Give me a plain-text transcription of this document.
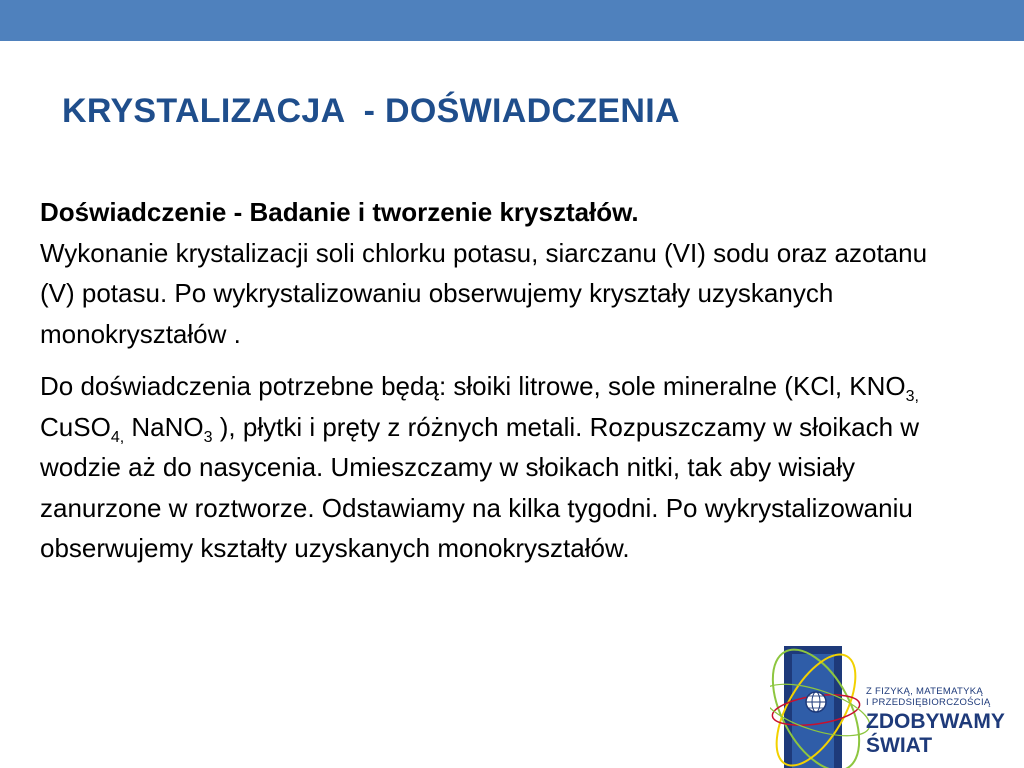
KRYSTALIZACJA  - DOŚWIADCZENIA

Doświadczenie - Badanie i tworzenie kryształów.
Wykonanie krystalizacji soli chlorku potasu, siarczanu (VI) sodu oraz azotanu (V) potasu. Po wykrystalizowaniu obserwujemy kryształy uzyskanych monokryształów .

Do doświadczenia potrzebne będą: słoiki litrowe, sole mineralne (KCl, $KNO_{3,}$ CuSO$_{4,}$ NaNO$_3$ ), płytki i pręty z różnych metali. Rozpuszczamy w słoikach w wodzie aż do nasycenia. Umieszczamy w słoikach nitki, tak aby wisiały zanurzone w roztworze. Odstawiamy na kilka tygodni. Po wykrystalizowaniu obserwujemy kształty uzyskanych monokryształów.

Z FIZYKĄ, MATEMATYKĄ
I PRZEDSIĘBIORCZOŚCIĄ
ZDOBYWAMY
ŚWIAT
